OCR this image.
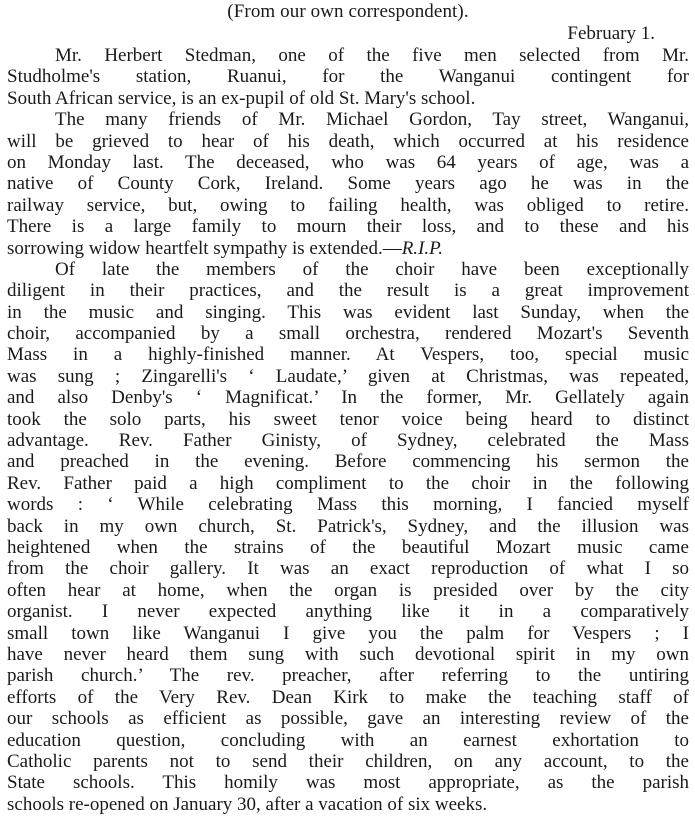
(From our own correspondent).
February 1.
Mr. Herbert Stedman, one of the five men selected from Mr.
Studholme's station, Ruanui, for the Wanganui contingent for
South African service, is an ex-pupil of old St. Mary's school.
The many friends of Mr. Michael Gordon, Tay street, Wanganui,
will be grieved to hear of his death, which occurred at his residence
on Monday last. The deceased, who was 64 years of age, was a
native of County Cork, Ireland. Some years ago he was in the
railway service, but, owing to failing health, was obliged to retire.
There is a large family to mourn their loss, and to these and his
sorrowing widow heartfelt sympathy is extended.—R.I.P.
Of late the members of the choir have been exceptionally
diligent in their practices, and the result is a great improvement
in the music and singing. This was evident last Sunday, when the
choir, accompanied by a small orchestra, rendered Mozart's Seventh
Mass in a highly-finished manner. At Vespers, too, special music
was sung ; Zingarelli's ‘ Laudate,’ given at Christmas, was repeated,
and also Denby's ‘ Magnificat.’ In the former, Mr. Gellately again
took the solo parts, his sweet tenor voice being heard to distinct
advantage. Rev. Father Ginisty, of Sydney, celebrated the Mass
and preached in the evening. Before commencing his sermon the
Rev. Father paid a high compliment to the choir in the following
words : ‘ While celebrating Mass this morning, I fancied myself
back in my own church, St. Patrick's, Sydney, and the illusion was
heightened when the strains of the beautiful Mozart music came
from the choir gallery. It was an exact reproduction of what I so
often hear at home, when the organ is presided over by the city
organist. I never expected anything like it in a comparatively
small town like Wanganui I give you the palm for Vespers ; I
have never heard them sung with such devotional spirit in my own
parish church.’ The rev. preacher, after referring to the untiring
efforts of the Very Rev. Dean Kirk to make the teaching staff of
our schools as efficient as possible, gave an interesting review of the
education question, concluding with an earnest exhortation to
Catholic parents not to send their children, on any account, to the
State schools. This homily was most appropriate, as the parish
schools re-opened on January 30, after a vacation of six weeks.
